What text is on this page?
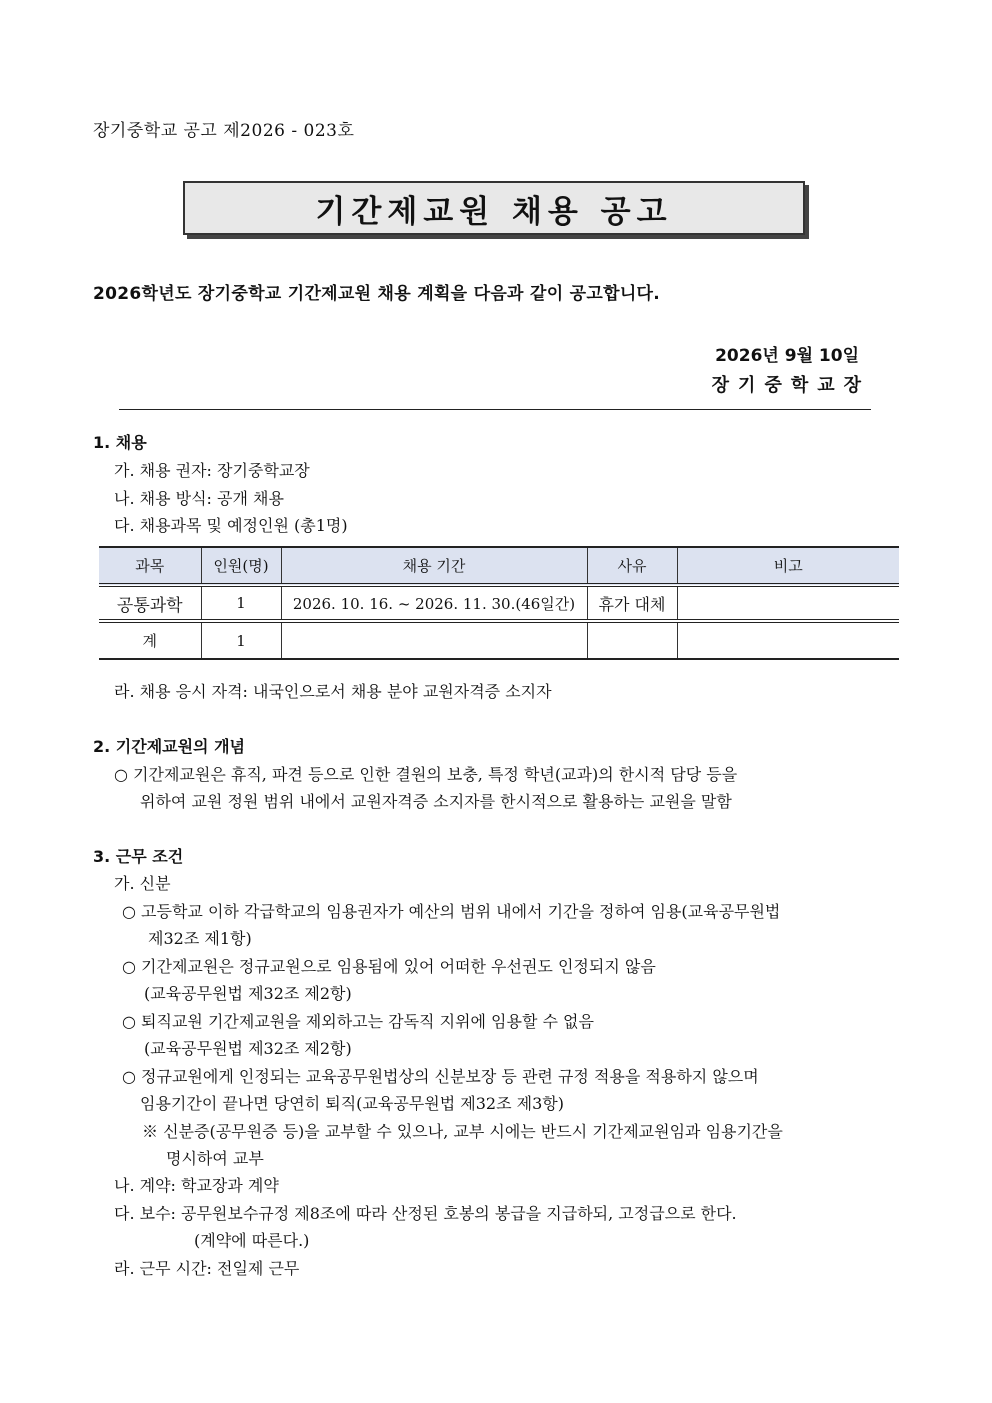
장기중학교 공고 제2026 - 023호
기간제교원 채용 공고
2026학년도 장기중학교 기간제교원 채용 계획을 다음과 같이 공고합니다.
2026년 9월 10일
장기중학교장
1. 채용
가. 채용 권자: 장기중학교장
나. 채용 방식: 공개 채용
다. 채용과목 및 예정인원 (총1명)
과목	인원(명)	채용 기간	사유	비고
공통과학	1	2026. 10. 16. ~ 2026. 11. 30.(46일간)	휴가 대체	
계	1			
라. 채용 응시 자격: 내국인으로서 채용 분야 교원자격증 소지자
2. 기간제교원의 개념
○ 기간제교원은 휴직, 파견 등으로 인한 결원의 보충, 특정 학년(교과)의 한시적 담당 등을
위하여 교원 정원 범위 내에서 교원자격증 소지자를 한시적으로 활용하는 교원을 말함
3. 근무 조건
가. 신분
○ 고등학교 이하 각급학교의 임용권자가 예산의 범위 내에서 기간을 정하여 임용(교육공무원법
제32조 제1항)
○ 기간제교원은 정규교원으로 임용됨에 있어 어떠한 우선권도 인정되지 않음
(교육공무원법 제32조 제2항)
○ 퇴직교원 기간제교원을 제외하고는 감독직 지위에 임용할 수 없음
(교육공무원법 제32조 제2항)
○ 정규교원에게 인정되는 교육공무원법상의 신분보장 등 관련 규정 적용을 적용하지 않으며
임용기간이 끝나면 당연히 퇴직(교육공무원법 제32조 제3항)
※ 신분증(공무원증 등)을 교부할 수 있으나, 교부 시에는 반드시 기간제교원임과 임용기간을
명시하여 교부
나. 계약: 학교장과 계약
다. 보수: 공무원보수규정 제8조에 따라 산정된 호봉의 봉급을 지급하되, 고정급으로 한다.
(계약에 따른다.)
라. 근무 시간: 전일제 근무
